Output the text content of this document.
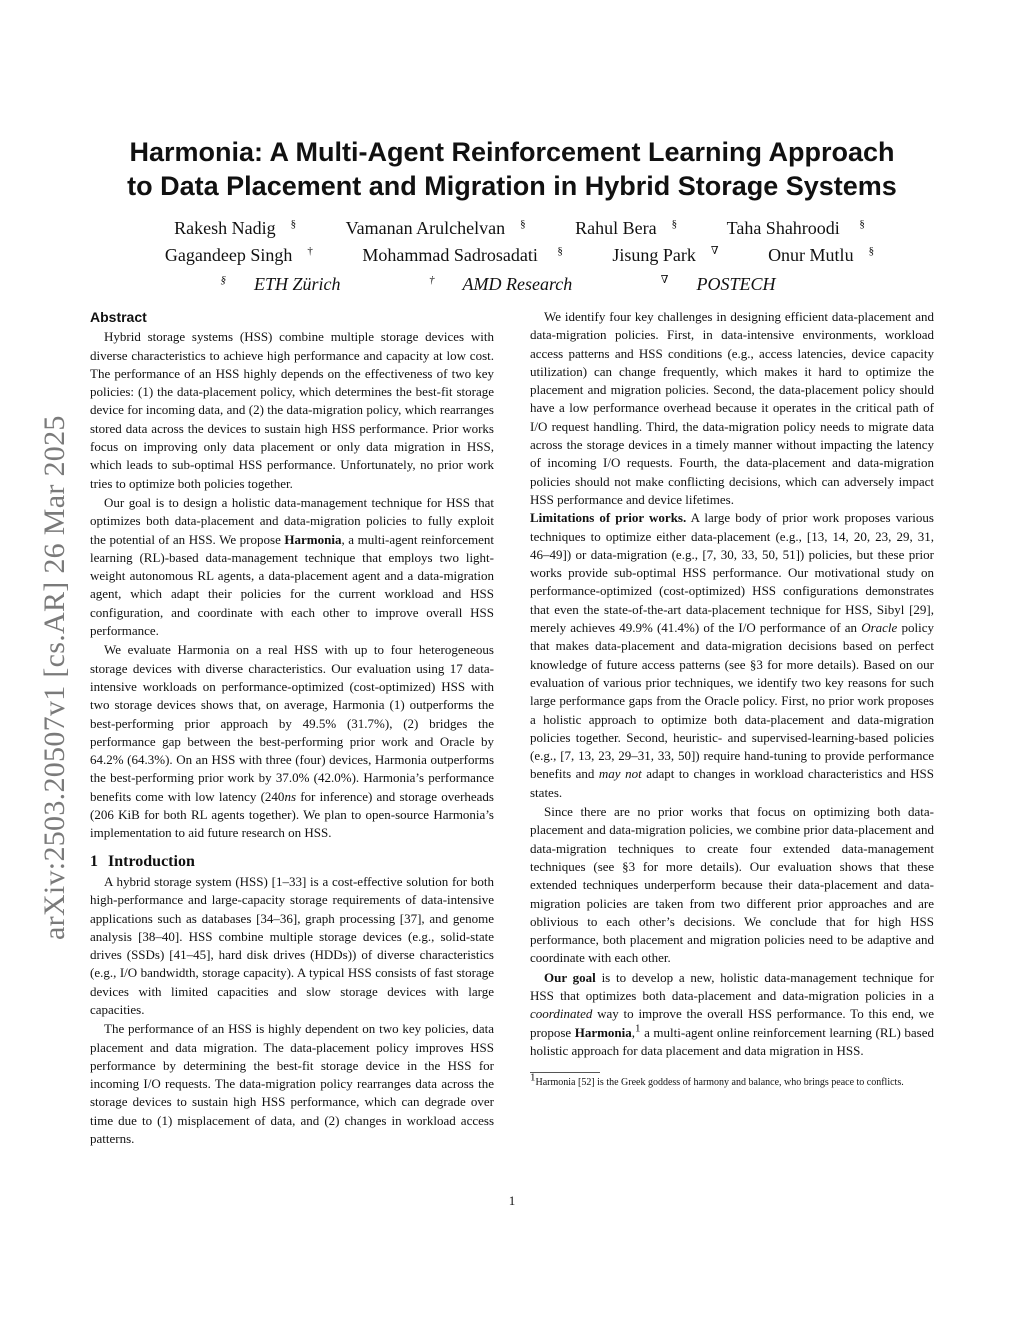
arXiv:2503.20507v1 [cs.AR] 26 Mar 2025
Harmonia: A Multi-Agent Reinforcement Learning Approach
to Data Placement and Migration in Hybrid Storage Systems
Rakesh Nadig §	Vamanan Arulchelvan §	Rahul Bera §	Taha Shahroodi §
Gagandeep Singh †	Mohammad Sadrosadati §	Jisung Park ∇	Onur Mutlu §
§ ETH Zürich	† AMD Research	∇ POSTECH
Abstract

Hybrid storage systems (HSS) combine multiple storage devices with diverse characteristics to achieve high performance and capacity at low cost. The performance of an HSS highly depends on the effectiveness of two key policies: (1) the data-placement policy, which determines the best-fit storage device for incoming data, and (2) the data-migration policy, which rearranges stored data across the devices to sustain high HSS performance. Prior works focus on improving only data placement or only data migration in HSS, which leads to sub-optimal HSS performance. Unfortunately, no prior work tries to optimize both policies together.

Our goal is to design a holistic data-management technique for HSS that optimizes both data-placement and data-migration policies to fully exploit the potential of an HSS. We propose Harmonia, a multi-agent reinforcement learning (RL)-based data-management technique that employs two light-weight autonomous RL agents, a data-placement agent and a data-migration agent, which adapt their policies for the current workload and HSS configuration, and coordinate with each other to improve overall HSS performance.

We evaluate Harmonia on a real HSS with up to four heterogeneous storage devices with diverse characteristics. Our evaluation using 17 data-intensive workloads on performance-optimized (cost-optimized) HSS with two storage devices shows that, on average, Harmonia (1) outperforms the best-performing prior approach by 49.5% (31.7%), (2) bridges the performance gap between the best-performing prior work and Oracle by 64.2% (64.3%). On an HSS with three (four) devices, Harmonia outperforms the best-performing prior work by 37.0% (42.0%). Harmonia’s performance benefits come with low latency (240ns for inference) and storage overheads (206 KiB for both RL agents together). We plan to open-source Harmonia’s implementation to aid future research on HSS.

1 Introduction

A hybrid storage system (HSS) [1–33] is a cost-effective solution for both high-performance and large-capacity storage requirements of data-intensive applications such as databases [34–36], graph processing [37], and genome analysis [38–40]. HSS combine multiple storage devices (e.g., solid-state drives (SSDs) [41–45], hard disk drives (HDDs)) of diverse characteristics (e.g., I/O bandwidth, storage capacity). A typical HSS consists of fast storage devices with limited capacities and slow storage devices with large capacities.

The performance of an HSS is highly dependent on two key policies, data placement and data migration. The data-placement policy improves HSS performance by determining the best-fit storage device in the HSS for incoming I/O requests. The data-migration policy rearranges data across the storage devices to sustain high HSS performance, which can degrade over time due to (1) misplacement of data, and (2) changes in workload access patterns.

We identify four key challenges in designing efficient data-placement and data-migration policies. First, in data-intensive environments, workload access patterns and HSS conditions (e.g., access latencies, device capacity utilization) can change frequently, which makes it hard to optimize the placement and migration policies. Second, the data-placement policy should have a low performance overhead because it operates in the critical path of I/O request handling. Third, the data-migration policy needs to migrate data across the storage devices in a timely manner without impacting the latency of incoming I/O requests. Fourth, the data-placement and data-migration policies should not make conflicting decisions, which can adversely impact HSS performance and device lifetimes.

Limitations of prior works. A large body of prior work proposes various techniques to optimize either data-placement (e.g., [13, 14, 20, 23, 29, 31, 46–49]) or data-migration (e.g., [7, 30, 33, 50, 51]) policies, but these prior works provide sub-optimal HSS performance. Our motivational study on performance-optimized (cost-optimized) HSS configurations demonstrates that even the state-of-the-art data-placement technique for HSS, Sibyl [29], merely achieves 49.9% (41.4%) of the I/O performance of an Oracle policy that makes data-placement and data-migration decisions based on perfect knowledge of future access patterns (see §3 for more details). Based on our evaluation of various prior techniques, we identify two key reasons for such large performance gaps from the Oracle policy. First, no prior work proposes a holistic approach to optimize both data-placement and data-migration policies together. Second, heuristic- and supervised-learning-based policies (e.g., [7, 13, 23, 29–31, 33, 50]) require hand-tuning to provide performance benefits and may not adapt to changes in workload characteristics and HSS states.

Since there are no prior works that focus on optimizing both data-placement and data-migration policies, we combine prior data-placement and data-migration techniques to create four extended data-management techniques (see §3 for more details). Our evaluation shows that these extended techniques underperform because their data-placement and data-migration policies are taken from two different prior approaches and are oblivious to each other’s decisions. We conclude that for high HSS performance, both placement and migration policies need to be adaptive and coordinate with each other.

Our goal is to develop a new, holistic data-management technique for HSS that optimizes both data-placement and data-migration policies in a coordinated way to improve the overall HSS performance. To this end, we propose Harmonia,$^1$ a multi-agent online reinforcement learning (RL) based holistic approach for data placement and data migration in HSS.

$^1$Harmonia [52] is the Greek goddess of harmony and balance, who brings peace to conflicts.
1
